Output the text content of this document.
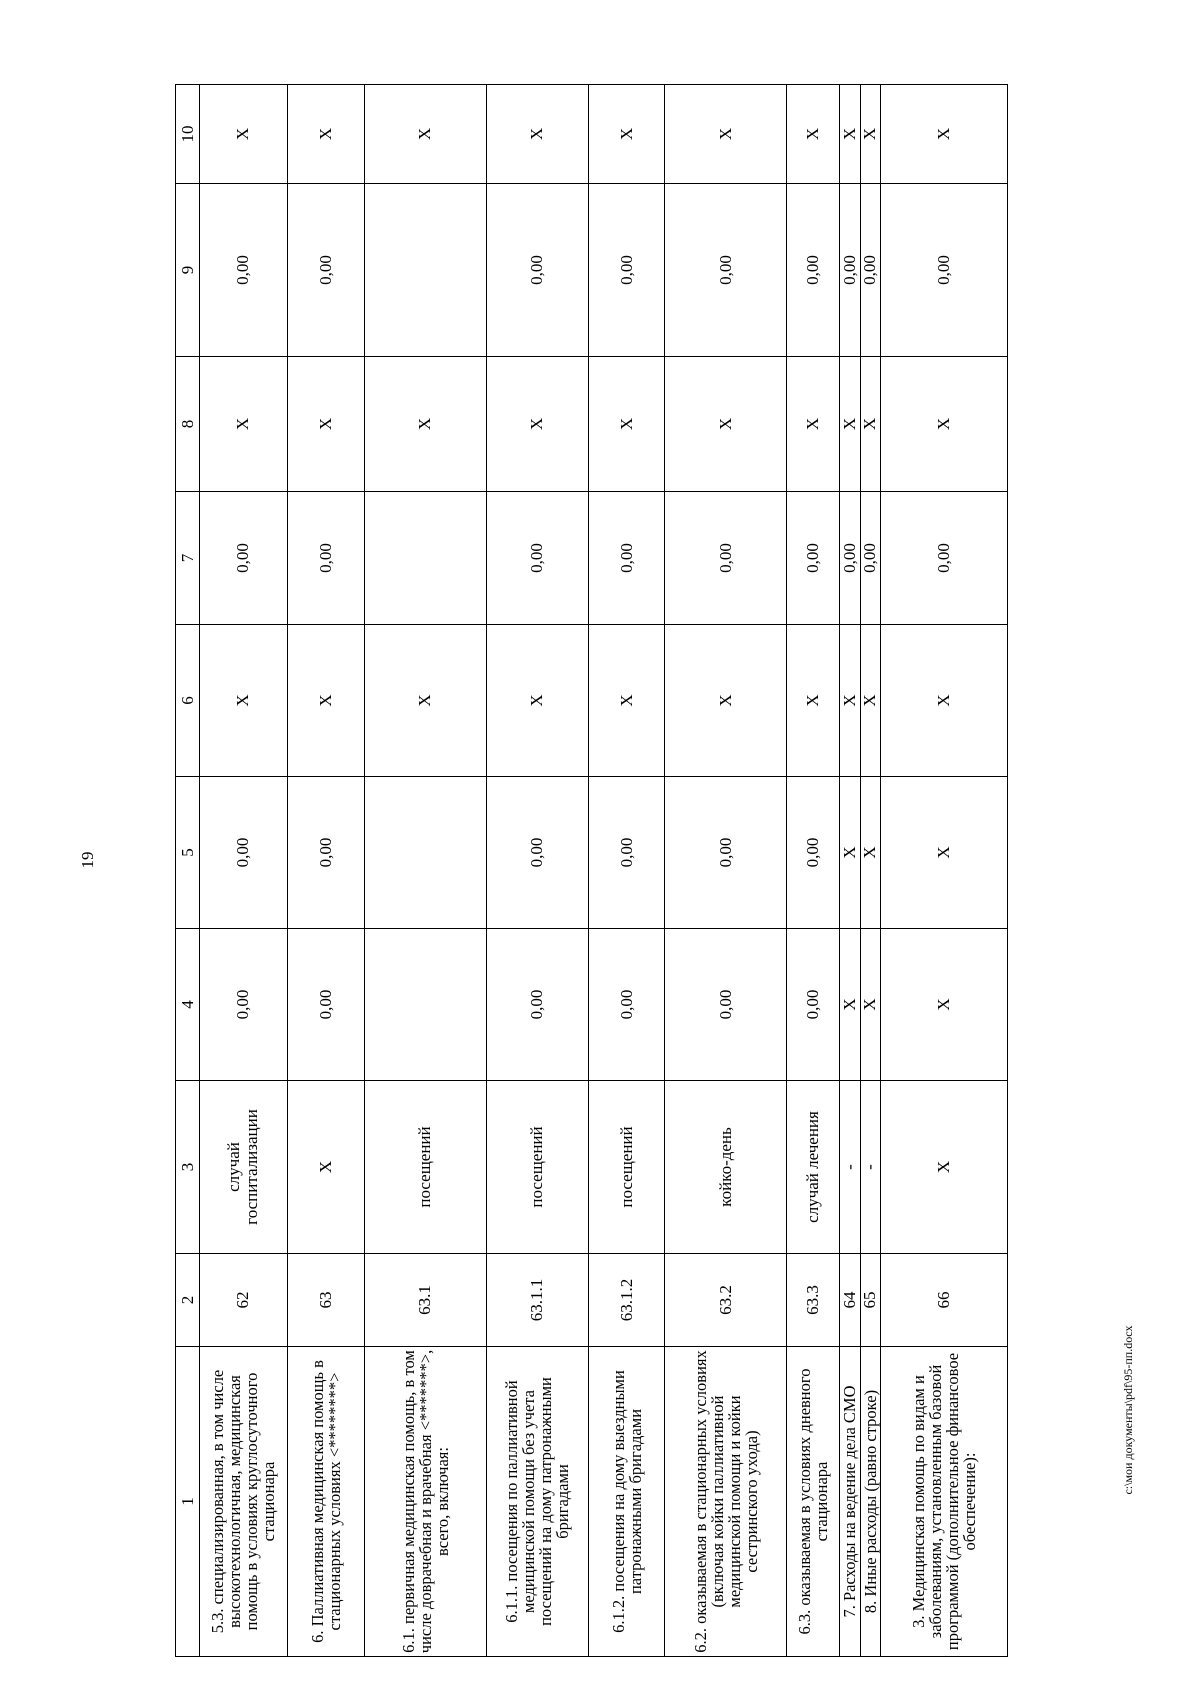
19
1	2	3	4	5	6	7	8	9	10
5.3. специализированная, в том числе высокотехнологичная, медицинская помощь в условиях круглосуточного стационара	62	случай госпитализации	0,00	0,00	X	0,00	X	0,00	X
6. Паллиативная медицинская помощь в стационарных условиях <********>	63	X	0,00	0,00	X	0,00	X	0,00	X
6.1. первичная медицинская помощь, в том числе доврачебная и врачебная <*******>, всего, включая:	63.1	посещений			X		X		X
6.1.1. посещения по паллиативной медицинской помощи без учета посещений на дому патронажными бригадами	63.1.1	посещений	0,00	0,00	X	0,00	X	0,00	X
6.1.2. посещения на дому выездными патронажными бригадами	63.1.2	посещений	0,00	0,00	X	0,00	X	0,00	X
6.2. оказываемая в стационарных условиях (включая койки паллиативной медицинской помощи и койки сестринского ухода)	63.2	койко-день	0,00	0,00	X	0,00	X	0,00	X
6.3. оказываемая в условиях дневного стационара	63.3	случай лечения	0,00	0,00	X	0,00	X	0,00	X
7. Расходы на ведение дела СМО	64	-	X	X	X	0,00	X	0,00	X
8. Иные расходы (равно строке)	65	-	X	X	X	0,00	X	0,00	X
3. Медицинская помощь по видам и заболеваниям, установленным базовой программой (дополнительное финансовое обеспечение):	66	X	X	X	X	0,00	X	0,00	X
c:\мои документы\pdf\95-пп.docx
